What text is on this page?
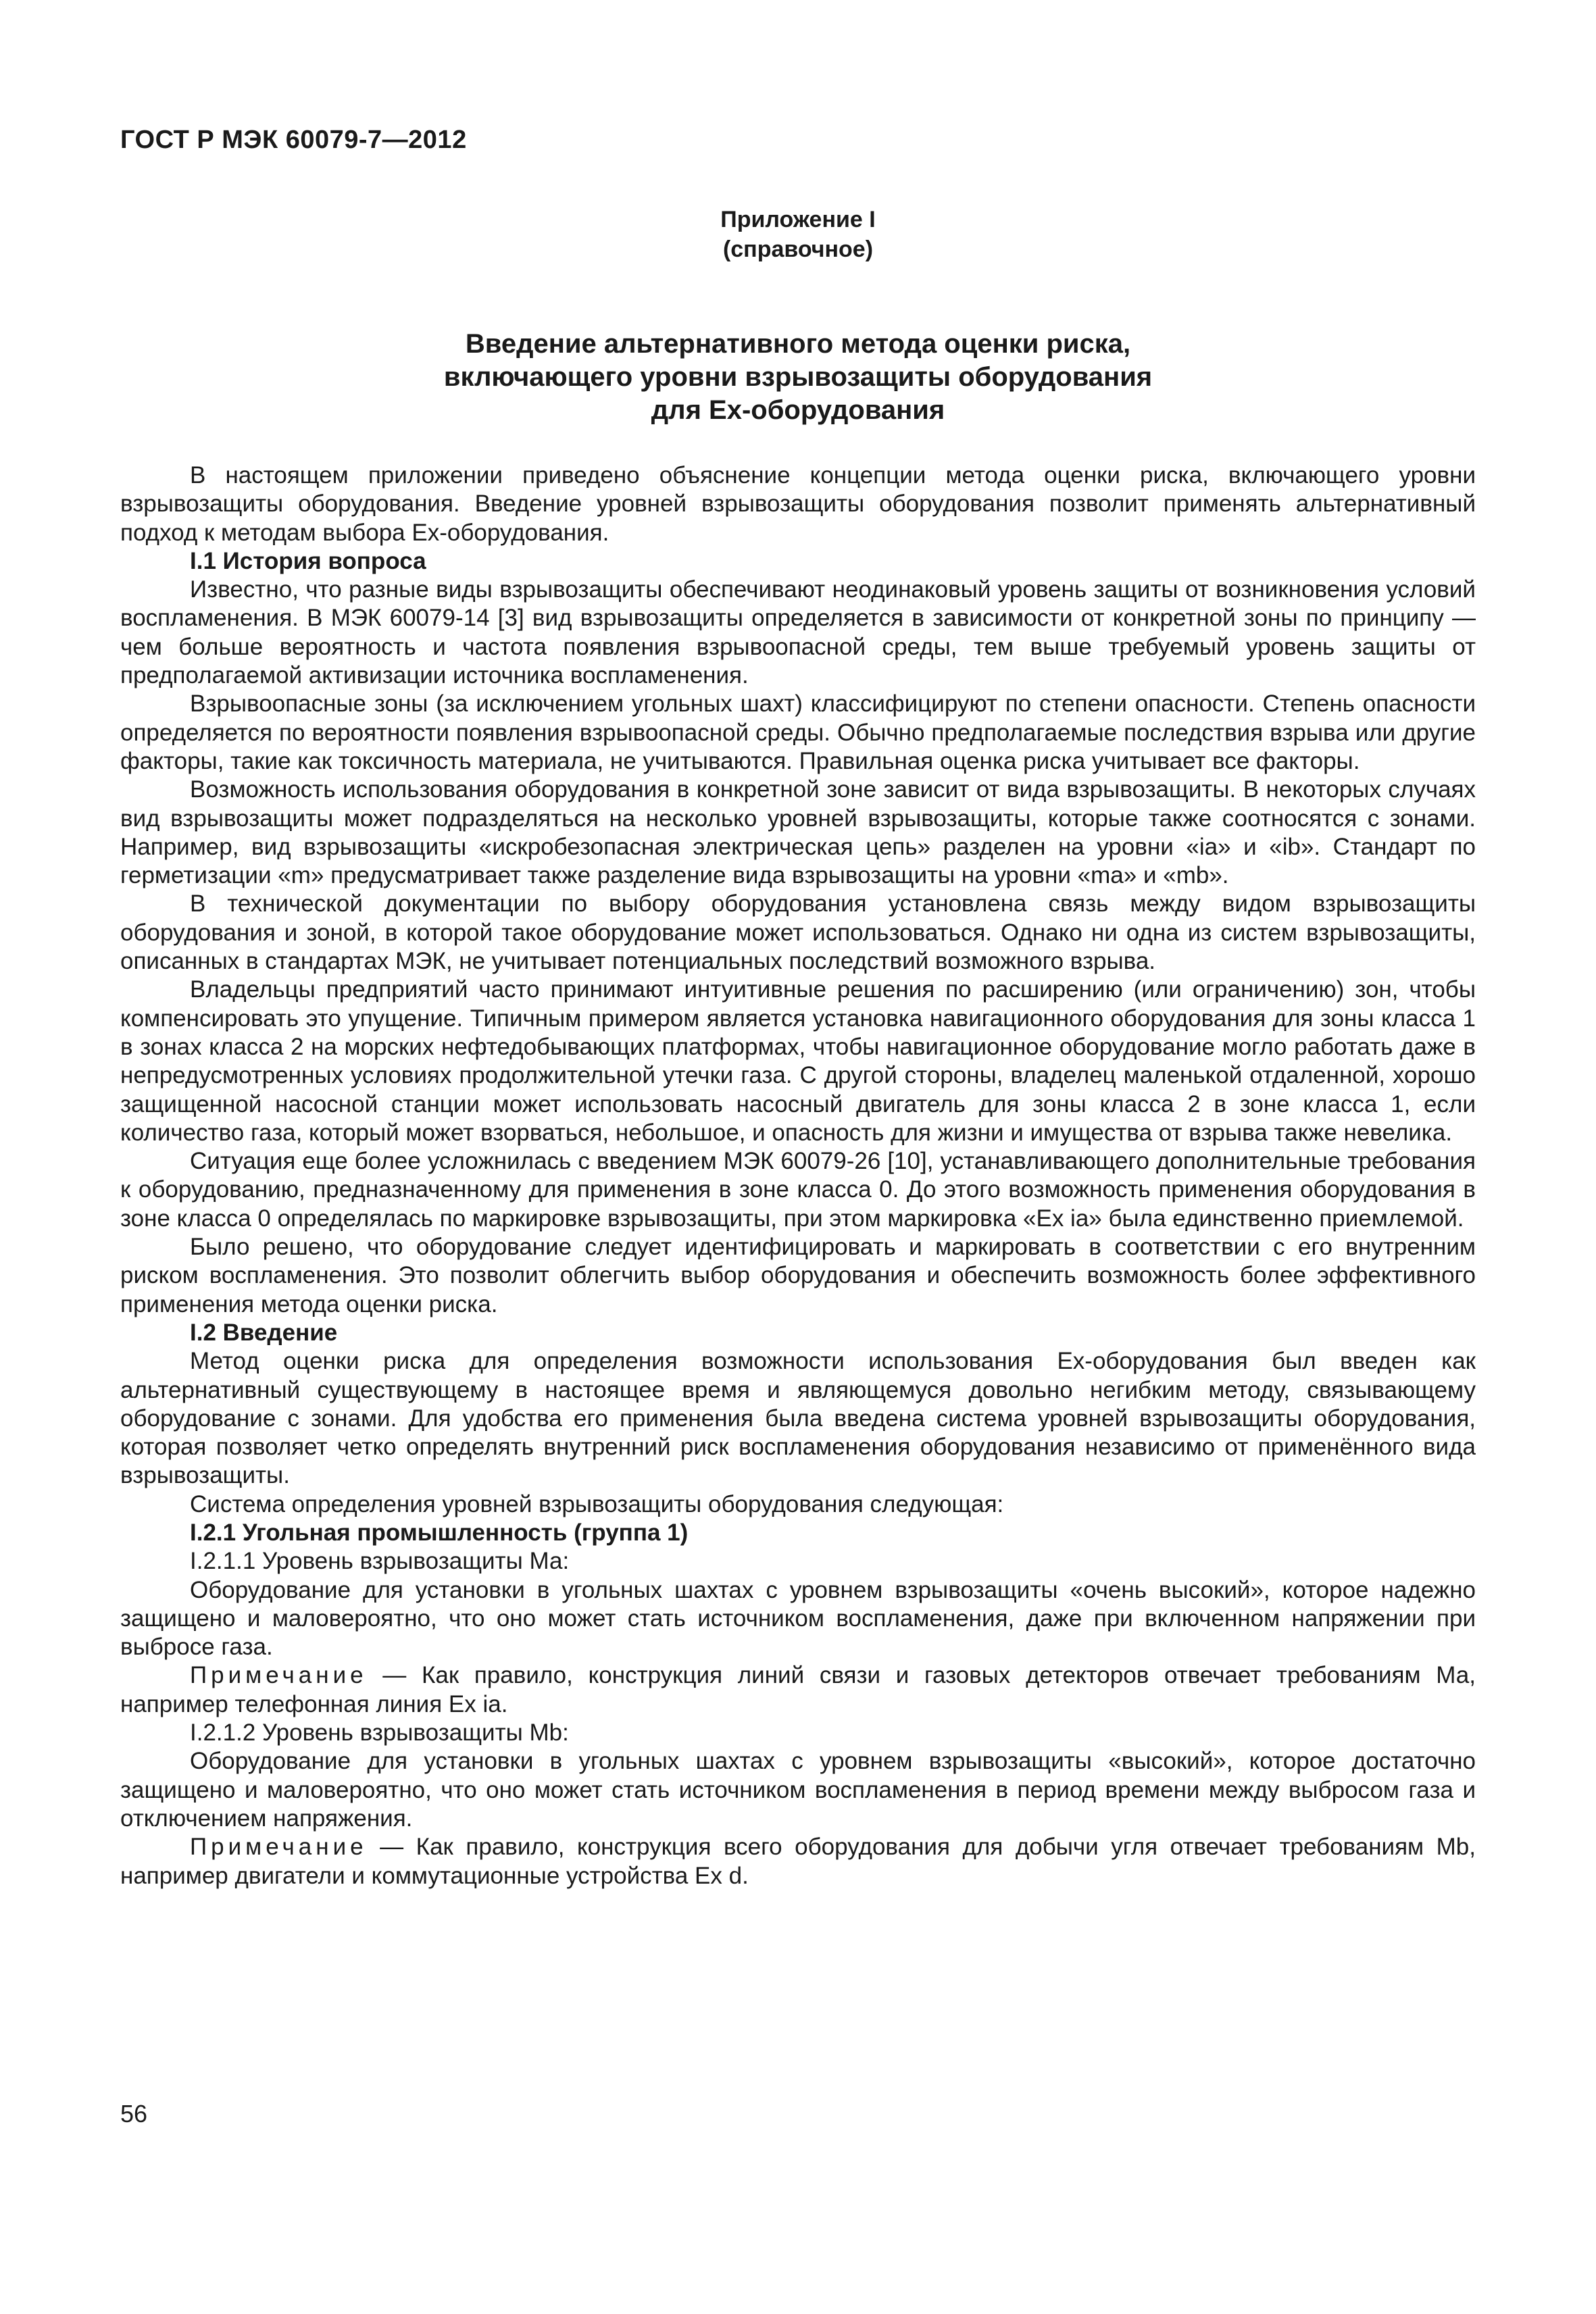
ГОСТ Р МЭК 60079-7—2012
Приложение I
(справочное)
Введение альтернативного метода оценки риска,
включающего уровни взрывозащиты оборудования
для Ex-оборудования

В настоящем приложении приведено объяснение концепции метода оценки риска, включающего уровни взрывозащиты оборудования. Введение уровней взрывозащиты оборудования позволит применять альтернативный подход к методам выбора Ex-оборудования.

I.1 История вопроса

Известно, что разные виды взрывозащиты обеспечивают неодинаковый уровень защиты от возникновения условий воспламенения. В МЭК 60079-14 [3] вид взрывозащиты определяется в зависимости от конкретной зоны по принципу — чем больше вероятность и частота появления взрывоопасной среды, тем выше требуемый уровень защиты от предполагаемой активизации источника воспламенения.

Взрывоопасные зоны (за исключением угольных шахт) классифицируют по степени опасности. Степень опасности определяется по вероятности появления взрывоопасной среды. Обычно предполагаемые последствия взрыва или другие факторы, такие как токсичность материала, не учитываются. Правильная оценка риска учитывает все факторы.

Возможность использования оборудования в конкретной зоне зависит от вида взрывозащиты. В некоторых случаях вид взрывозащиты может подразделяться на несколько уровней взрывозащиты, которые также соотносятся с зонами. Например, вид взрывозащиты «искробезопасная электрическая цепь» разделен на уровни «ia» и «ib». Стандарт по герметизации «m» предусматривает также разделение вида взрывозащиты на уровни «ma» и «mb».

В технической документации по выбору оборудования установлена связь между видом взрывозащиты оборудования и зоной, в которой такое оборудование может использоваться. Однако ни одна из систем взрывозащиты, описанных в стандартах МЭК, не учитывает потенциальных последствий возможного взрыва.

Владельцы предприятий часто принимают интуитивные решения по расширению (или ограничению) зон, чтобы компенсировать это упущение. Типичным примером является установка навигационного оборудования для зоны класса 1 в зонах класса 2 на морских нефтедобывающих платформах, чтобы навигационное оборудование могло работать даже в непредусмотренных условиях продолжительной утечки газа. С другой стороны, владелец маленькой отдаленной, хорошо защищенной насосной станции может использовать насосный двигатель для зоны класса 2 в зоне класса 1, если количество газа, который может взорваться, небольшое, и опасность для жизни и имущества от взрыва также невелика.

Ситуация еще более усложнилась с введением МЭК 60079-26 [10], устанавливающего дополнительные требования к оборудованию, предназначенному для применения в зоне класса 0. До этого возможность применения оборудования в зоне класса 0 определялась по маркировке взрывозащиты, при этом маркировка «Ex ia» была единственно приемлемой.

Было решено, что оборудование следует идентифицировать и маркировать в соответствии с его внутренним риском воспламенения. Это позволит облегчить выбор оборудования и обеспечить возможность более эффективного применения метода оценки риска.

I.2 Введение

Метод оценки риска для определения возможности использования Ex-оборудования был введен как альтернативный существующему в настоящее время и являющемуся довольно негибким методу, связывающему оборудование с зонами. Для удобства его применения была введена система уровней взрывозащиты оборудования, которая позволяет четко определять внутренний риск воспламенения оборудования независимо от применённого вида взрывозащиты.

Система определения уровней взрывозащиты оборудования следующая:

I.2.1 Угольная промышленность (группа 1)

I.2.1.1 Уровень взрывозащиты Ма:

Оборудование для установки в угольных шахтах с уровнем взрывозащиты «очень высокий», которое надежно защищено и маловероятно, что оно может стать источником воспламенения, даже при включенном напряжении при выбросе газа.

Примечание — Как правило, конструкция линий связи и газовых детекторов отвечает требованиям Ма, например телефонная линия Ex ia.

I.2.1.2 Уровень взрывозащиты Mb:

Оборудование для установки в угольных шахтах с уровнем взрывозащиты «высокий», которое достаточно защищено и маловероятно, что оно может стать источником воспламенения в период времени между выбросом газа и отключением напряжения.

Примечание — Как правило, конструкция всего оборудования для добычи угля отвечает требованиям Mb, например двигатели и коммутационные устройства Ex d.

56
